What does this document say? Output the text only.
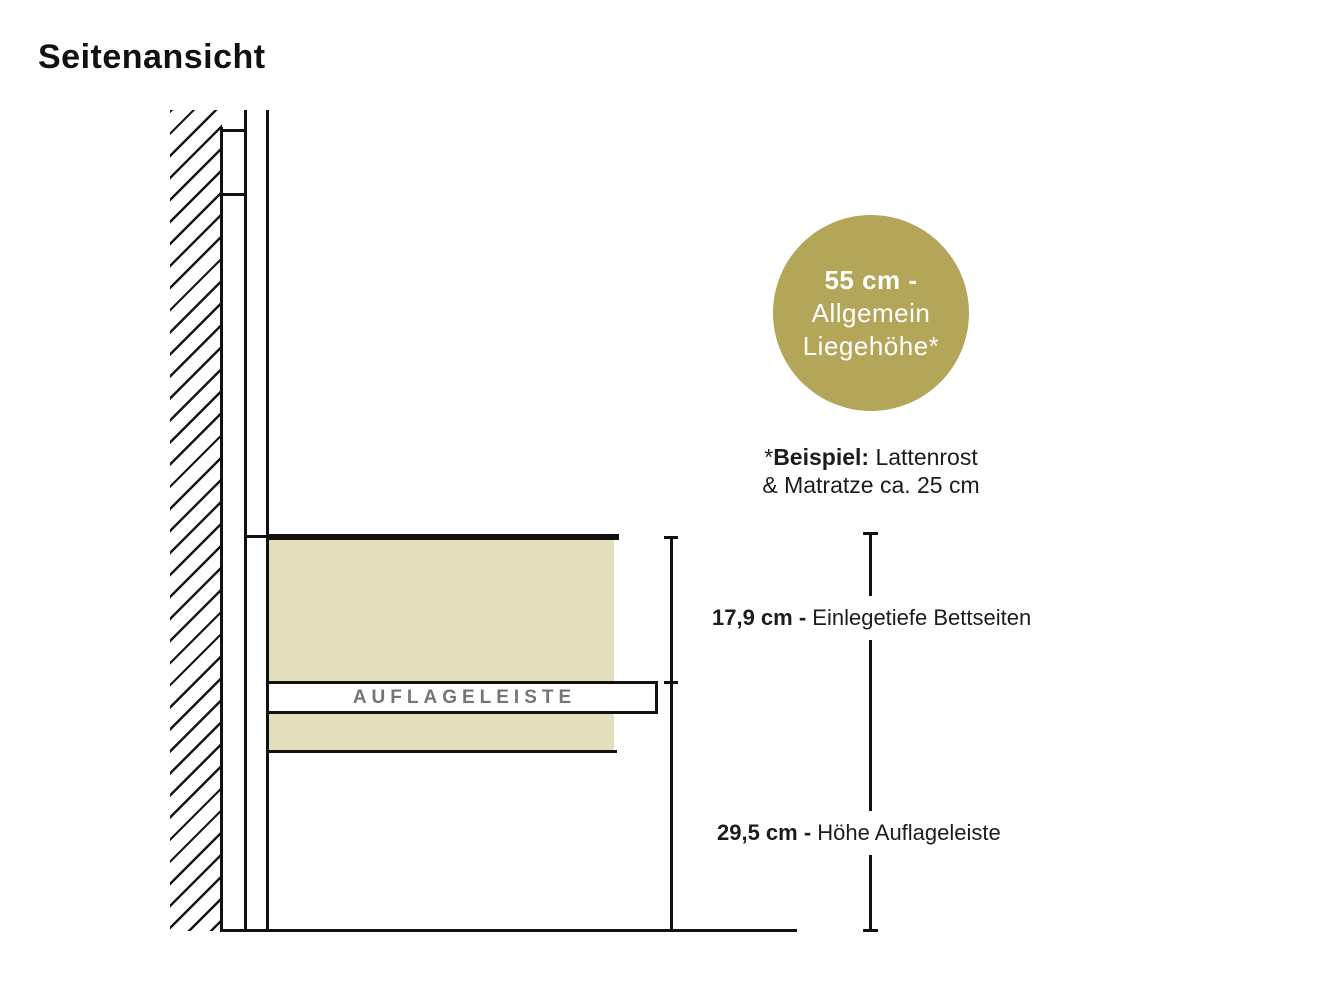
Seitenansicht
AUFLAGELEISTE
55 cm -
Allgemein
Liegehöhe*
*Beispiel: Lattenrost
& Matratze ca. 25 cm
17,9 cm - Einlegetiefe Bettseiten
29,5 cm - Höhe Auflageleiste
